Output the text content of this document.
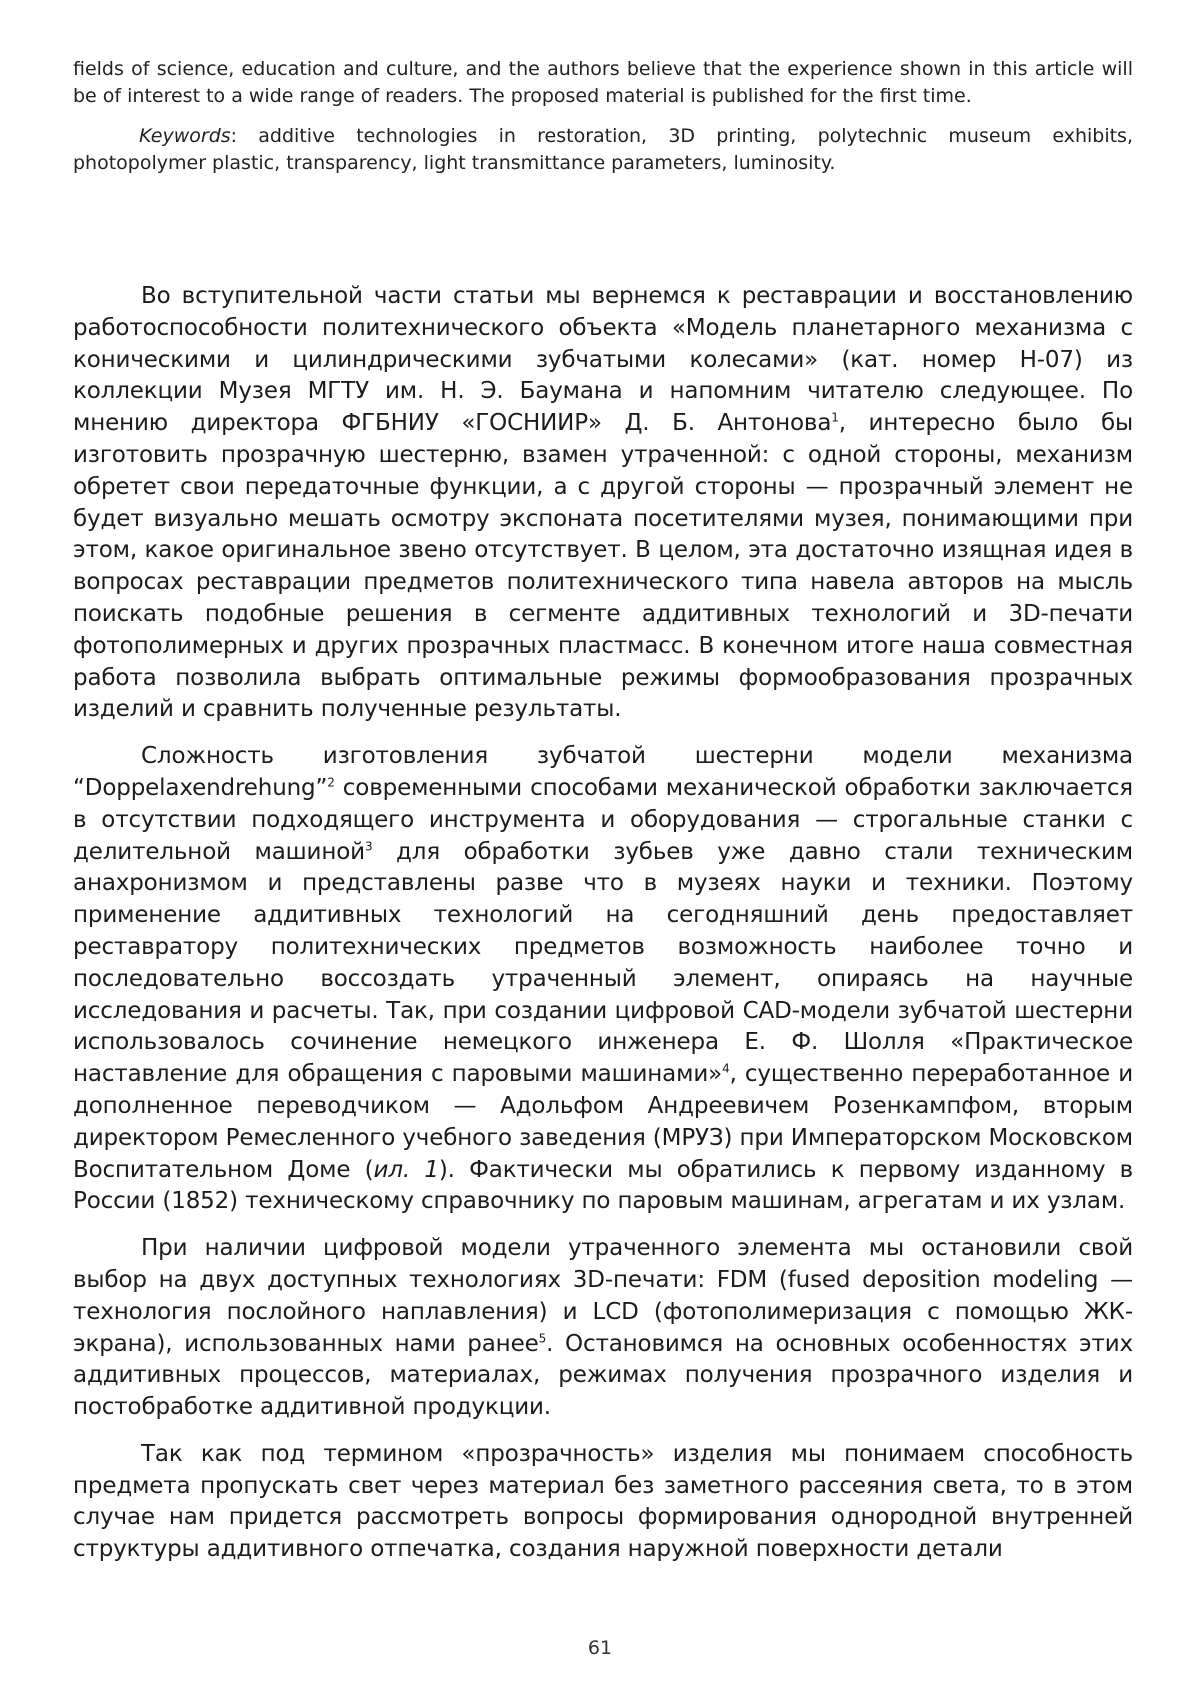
fields of science, education and culture, and the authors believe that the experience shown in this article will be of interest to a wide range of readers. The proposed material is published for the first time.

Keywords: additive technologies in restoration, 3D printing, polytechnic museum exhibits, photopolymer plastic, transparency, light transmittance parameters, luminosity.

Во вступительной части статьи мы вернемся к реставрации и восстановлению работоспособности политехнического объекта «Модель планетарного механизма с коническими и цилиндрическими зубчатыми колесами» (кат. номер Н-07) из коллекции Музея МГТУ им. Н. Э. Баумана и напомним читателю следующее. По мнению директора ФГБНИУ «ГОСНИИР» Д. Б. Антонова$^1$, интересно было бы изготовить прозрачную шестерню, взамен утраченной: с одной стороны, механизм обретет свои передаточные функции, а с другой стороны — прозрачный элемент не будет визуально мешать осмотру экспоната посетителями музея, понимающими при этом, какое оригинальное звено отсутствует. В целом, эта достаточно изящная идея в вопросах реставрации предметов политехнического типа навела авторов на мысль поискать подобные решения в сегменте аддитивных технологий и 3D-печати фотополимерных и других прозрачных пластмасс. В конечном итоге наша совместная работа позволила выбрать оптимальные режимы формообразования прозрачных изделий и сравнить полученные результаты.

Сложность изготовления зубчатой шестерни модели механизма “Doppelaxendrehung”$^2$ современными способами механической обработки заключается в отсутствии подходящего инструмента и оборудования — строгальные станки с делительной машиной$^3$ для обработки зубьев уже давно стали техническим анахронизмом и представлены разве что в музеях науки и техники. Поэтому применение аддитивных технологий на сегодняшний день предоставляет реставратору политехнических предметов возможность наиболее точно и последовательно воссоздать утраченный элемент, опираясь на научные исследования и расчеты. Так, при создании цифровой CAD-модели зубчатой шестерни использовалось сочинение немецкого инженера Е. Ф. Шолля «Практическое наставление для обращения с паровыми машинами»$^4$, существенно переработанное и дополненное переводчиком — Адольфом Андреевичем Розенкампфом, вторым директором Ремесленного учебного заведения (МРУЗ) при Императорском Московском Воспитательном Доме (ил. 1). Фактически мы обратились к первому изданному в России (1852) техническому справочнику по паровым машинам, агрегатам и их узлам.

При наличии цифровой модели утраченного элемента мы остановили свой выбор на двух доступных технологиях 3D-печати: FDM (fused deposition modeling — технология послойного наплавления) и LCD (фотополимеризация с помощью ЖК-экрана), использованных нами ранее$^5$. Остановимся на основных особенностях этих аддитивных процессов, материалах, режимах получения прозрачного изделия и постобработке аддитивной продукции.

Так как под термином «прозрачность» изделия мы понимаем способность предмета пропускать свет через материал без заметного рассеяния света, то в этом случае нам придется рассмотреть вопросы формирования однородной внутренней структуры аддитивного отпечатка, создания наружной поверхности детали

61
